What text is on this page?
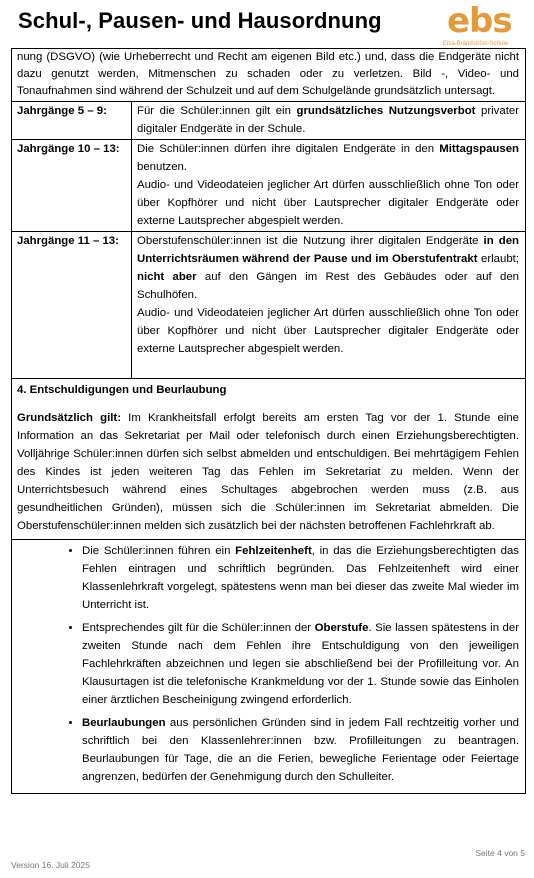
Schul-, Pausen- und Hausordnung ebs
Elsa-Brändström-Schule
nung (DSGVO) (wie Urheberrecht und Recht am eigenen Bild etc.) und, dass die Endgeräte nicht dazu genutzt werden, Mitmenschen zu schaden oder zu verletzen. Bild -, Video- und Tonaufnahmen sind während der Schulzeit und auf dem Schulgelände grundsätzlich untersagt.
Jahrgänge 5 – 9:	Für die Schüler:innen gilt ein grundsätzliches Nutzungsverbot privater digitaler Endgeräte in der Schule.

Jahrgänge 10 – 13:	Die Schüler:innen dürfen ihre digitalen Endgeräte in den Mittagspausen benutzen.
Audio- und Videodateien jeglicher Art dürfen ausschließlich ohne Ton oder über Kopfhörer und nicht über Lautsprecher digitaler Endgeräte oder externe Lautsprecher abgespielt werden.

Jahrgänge 11 – 13:	Oberstufenschüler:innen ist die Nutzung ihrer digitalen Endgeräte in den Unterrichtsräumen während der Pause und im Oberstufentrakt erlaubt; nicht aber auf den Gängen im Rest des Gebäudes oder auf den Schulhöfen.
Audio- und Videodateien jeglicher Art dürfen ausschließlich ohne Ton oder über Kopfhörer und nicht über Lautsprecher digitaler Endgeräte oder externe Lautsprecher abgespielt werden.
4. Entschuldigungen und Beurlaubung
Grundsätzlich gilt: Im Krankheitsfall erfolgt bereits am ersten Tag vor der 1. Stunde eine Information an das Sekretariat per Mail oder telefonisch durch einen Erziehungsberechtigten. Volljährige Schüler:innen dürfen sich selbst abmelden und entschuldigen. Bei mehrtägigem Fehlen des Kindes ist jeden weiteren Tag das Fehlen im Sekretariat zu melden. Wenn der Unterrichtsbesuch während eines Schultages abgebrochen werden muss (z.B. aus gesundheitlichen Gründen), müssen sich die Schüler:innen im Sekretariat abmelden. Die Oberstufenschüler:innen melden sich zusätzlich bei der nächsten betroffenen Fachlehrkraft ab.
• Die Schüler:innen führen ein Fehlzeitenheft, in das die Erziehungsberechtigten das Fehlen eintragen und schriftlich begründen. Das Fehlzeitenheft wird einer Klassenlehrkraft vorgelegt, spätestens wenn man bei dieser das zweite Mal wieder im Unterricht ist.
• Entsprechendes gilt für die Schüler:innen der Oberstufe. Sie lassen spätestens in der zweiten Stunde nach dem Fehlen ihre Entschuldigung von den jeweiligen Fachlehrkräften abzeichnen und legen sie abschließend bei der Profilleitung vor. An Klausurtagen ist die telefonische Krankmeldung vor der 1. Stunde sowie das Einholen einer ärztlichen Bescheinigung zwingend erforderlich.
• Beurlaubungen aus persönlichen Gründen sind in jedem Fall rechtzeitig vorher und schriftlich bei den Klassenlehrer:innen bzw. Profilleitungen zu beantragen. Beurlaubungen für Tage, die an die Ferien, bewegliche Ferientage oder Feiertage angrenzen, bedürfen der Genehmigung durch den Schulleiter.
Seite 4 von 5
Version 16. Juli 2025
